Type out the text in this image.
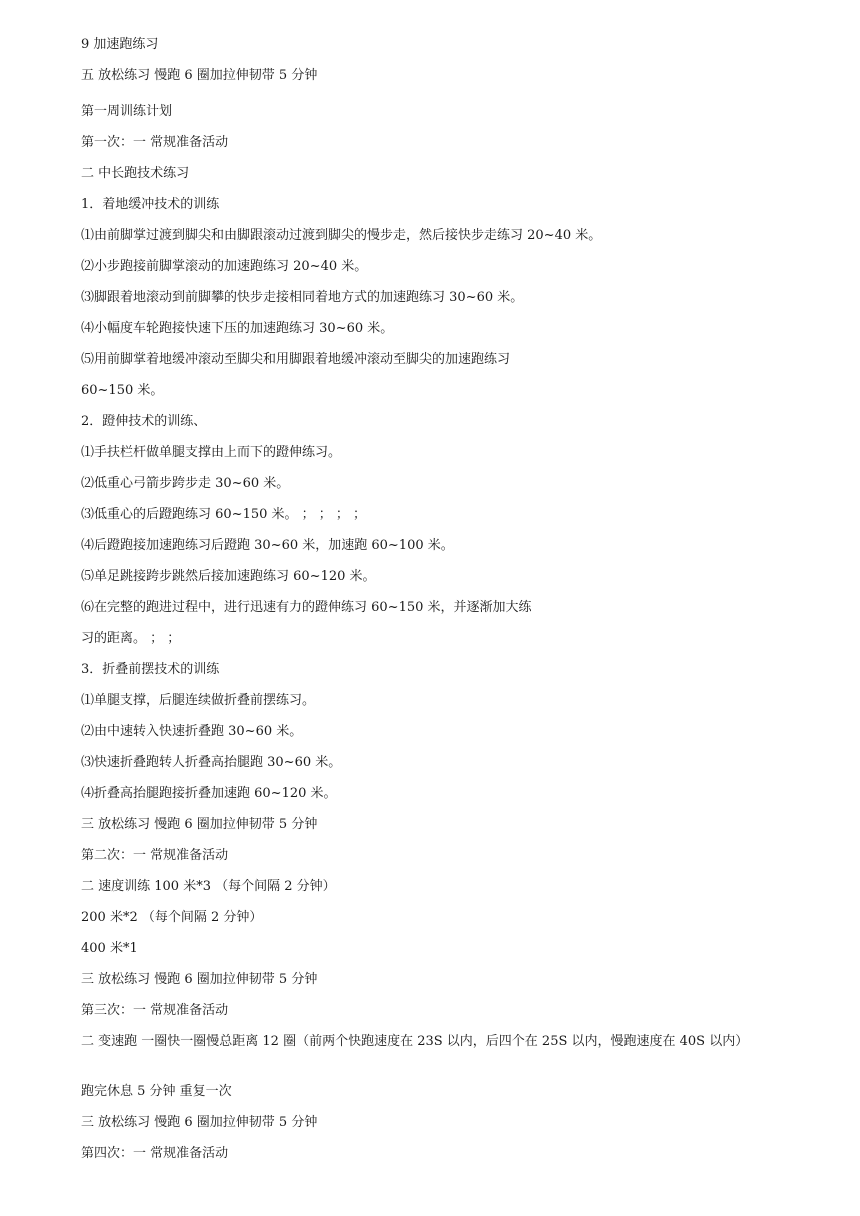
9 加速跑练习
五 放松练习 慢跑 6 圈加拉伸韧带 5 分钟
第一周训练计划
第一次：一 常规准备活动
二 中长跑技术练习
1．着地缓冲技术的训练
⑴由前脚掌过渡到脚尖和由脚跟滚动过渡到脚尖的慢步走，然后接快步走练习 20~40 米。
⑵小步跑接前脚掌滚动的加速跑练习 20~40 米。
⑶脚跟着地滚动到前脚攀的快步走接相同着地方式的加速跑练习 30~60 米。
⑷小幅度车轮跑接快速下压的加速跑练习 30~60 米。
⑸用前脚掌着地缓冲滚动至脚尖和用脚跟着地缓冲滚动至脚尖的加速跑练习
60~150 米。
2．蹬伸技术的训练、
⑴手扶栏杆做单腿支撑由上而下的蹬伸练习。
⑵低重心弓箭步跨步走 30~60 米。
⑶低重心的后蹬跑练习 60~150 米。 ； ； ； ；
⑷后蹬跑接加速跑练习后蹬跑 30~60 米，加速跑 60~100 米。
⑸单足跳接跨步跳然后接加速跑练习 60~120 米。
⑹在完整的跑进过程中，进行迅速有力的蹬伸练习 60~150 米，并逐渐加大练
习的距离。 ； ；
3．折叠前摆技术的训练
⑴单腿支撑，后腿连续做折叠前摆练习。
⑵由中速转入快速折叠跑 30~60 米。
⑶快速折叠跑转人折叠高抬腿跑 30~60 米。
⑷折叠高抬腿跑接折叠加速跑 60~120 米。
三 放松练习 慢跑 6 圈加拉伸韧带 5 分钟
第二次：一 常规准备活动
二 速度训练 100 米*3 （每个间隔 2 分钟）
200 米*2 （每个间隔 2 分钟）
400 米*1
三 放松练习 慢跑 6 圈加拉伸韧带 5 分钟
第三次：一 常规准备活动
二 变速跑 一圈快一圈慢总距离 12 圈（前两个快跑速度在 23S 以内，后四个在 25S 以内，慢跑速度在 40S 以内）
跑完休息 5 分钟 重复一次
三 放松练习 慢跑 6 圈加拉伸韧带 5 分钟
第四次：一 常规准备活动
